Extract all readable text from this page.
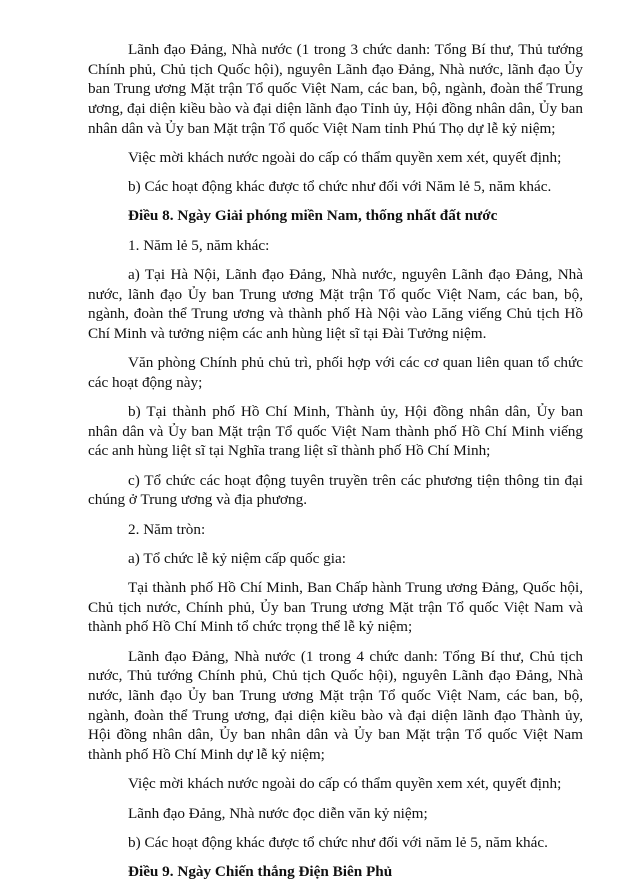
Lãnh đạo Đảng, Nhà nước (1 trong 3 chức danh: Tổng Bí thư, Thủ tướng Chính phủ, Chủ tịch Quốc hội), nguyên Lãnh đạo Đảng, Nhà nước, lãnh đạo Ủy ban Trung ương Mặt trận Tổ quốc Việt Nam, các ban, bộ, ngành, đoàn thể Trung ương, đại diện kiều bào và đại diện lãnh đạo Tỉnh ủy, Hội đồng nhân dân, Ủy ban nhân dân và Ủy ban Mặt trận Tổ quốc Việt Nam tỉnh Phú Thọ dự lễ kỷ niệm;

Việc mời khách nước ngoài do cấp có thẩm quyền xem xét, quyết định;

b) Các hoạt động khác được tổ chức như đối với Năm lẻ 5, năm khác.

Điều 8. Ngày Giải phóng miền Nam, thống nhất đất nước

1. Năm lẻ 5, năm khác:

a) Tại Hà Nội, Lãnh đạo Đảng, Nhà nước, nguyên Lãnh đạo Đảng, Nhà nước, lãnh đạo Ủy ban Trung ương Mặt trận Tổ quốc Việt Nam, các ban, bộ, ngành, đoàn thể Trung ương và thành phố Hà Nội vào Lăng viếng Chủ tịch Hồ Chí Minh và tưởng niệm các anh hùng liệt sĩ tại Đài Tưởng niệm.

Văn phòng Chính phủ chủ trì, phối hợp với các cơ quan liên quan tổ chức các hoạt động này;

b) Tại thành phố Hồ Chí Minh, Thành ủy, Hội đồng nhân dân, Ủy ban nhân dân và Ủy ban Mặt trận Tổ quốc Việt Nam thành phố Hồ Chí Minh viếng các anh hùng liệt sĩ tại Nghĩa trang liệt sĩ thành phố Hồ Chí Minh;

c) Tổ chức các hoạt động tuyên truyền trên các phương tiện thông tin đại chúng ở Trung ương và địa phương.

2. Năm tròn:

a) Tổ chức lễ kỷ niệm cấp quốc gia:

Tại thành phố Hồ Chí Minh, Ban Chấp hành Trung ương Đảng, Quốc hội, Chủ tịch nước, Chính phủ, Ủy ban Trung ương Mặt trận Tổ quốc Việt Nam và thành phố Hồ Chí Minh tổ chức trọng thể lễ kỷ niệm;

Lãnh đạo Đảng, Nhà nước (1 trong 4 chức danh: Tổng Bí thư, Chủ tịch nước, Thủ tướng Chính phủ, Chủ tịch Quốc hội), nguyên Lãnh đạo Đảng, Nhà nước, lãnh đạo Ủy ban Trung ương Mặt trận Tổ quốc Việt Nam, các ban, bộ, ngành, đoàn thể Trung ương, đại diện kiều bào và đại diện lãnh đạo Thành ủy, Hội đồng nhân dân, Ủy ban nhân dân và Ủy ban Mặt trận Tổ quốc Việt Nam thành phố Hồ Chí Minh dự lễ kỷ niệm;

Việc mời khách nước ngoài do cấp có thẩm quyền xem xét, quyết định;

Lãnh đạo Đảng, Nhà nước đọc diễn văn kỷ niệm;

b) Các hoạt động khác được tổ chức như đối với năm lẻ 5, năm khác.

Điều 9. Ngày Chiến thắng Điện Biên Phủ
